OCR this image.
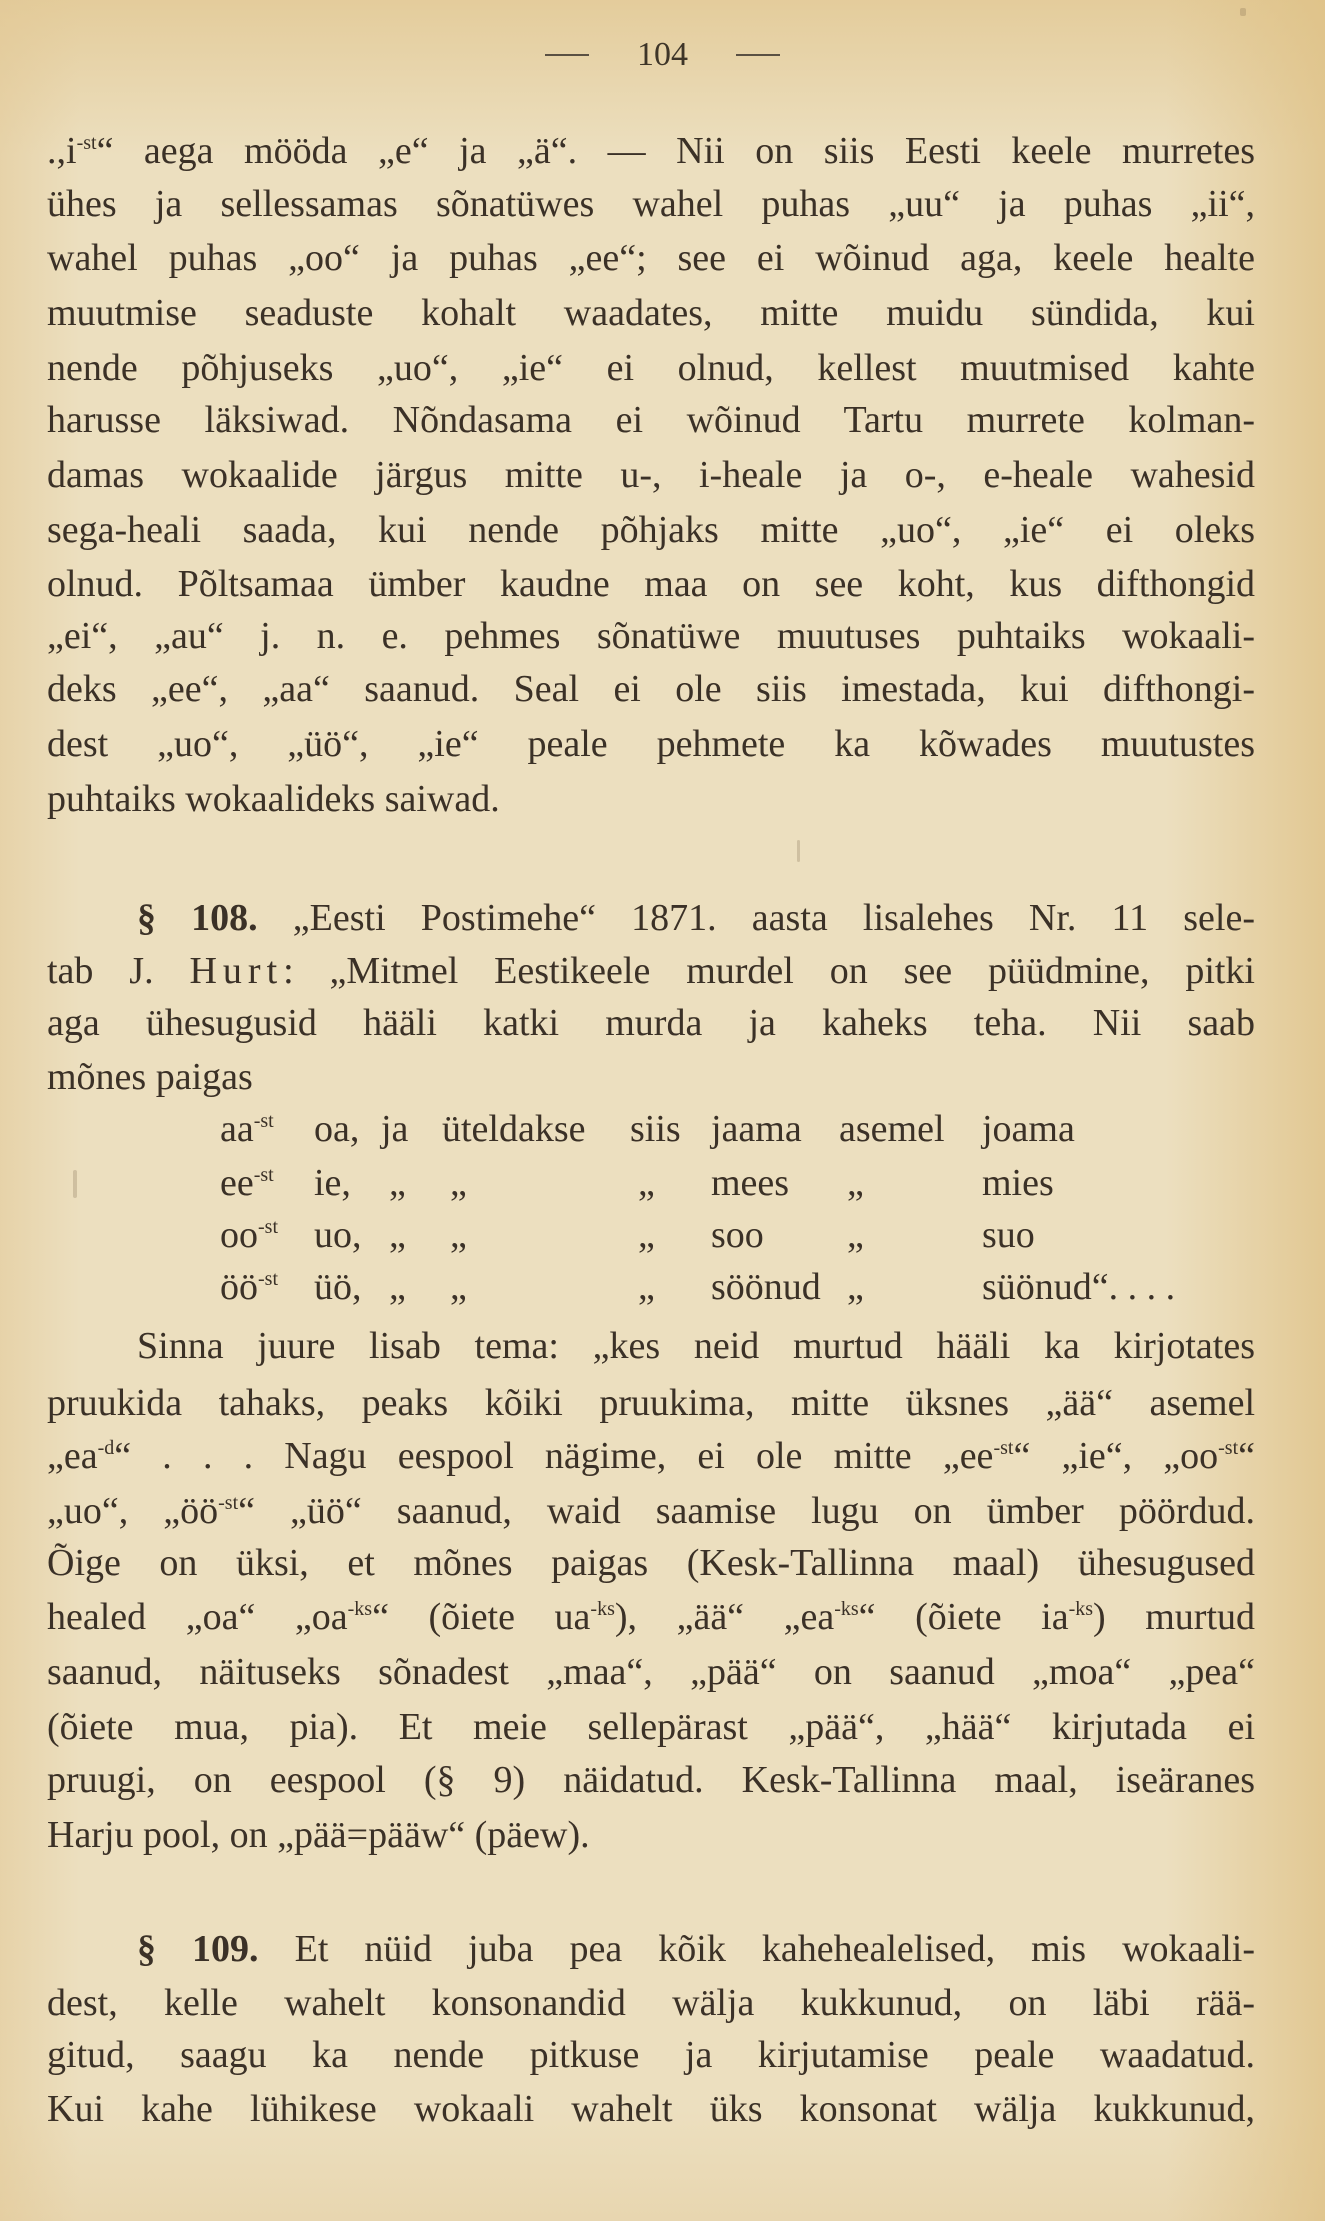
104
$.,i^{-st}“$ aega mööda „e“ ja „ä“. — Nii on siis Eesti keele murretes
ühes ja sellessamas sõnatüwes wahel puhas „uu“ ja puhas „ii“,
wahel puhas „oo“ ja puhas „ee“; see ei wõinud aga, keele healte
muutmise seaduste kohalt waadates, mitte muidu sündida, kui
nende põhjuseks „uo“, „ie“ ei olnud, kellest muutmised kahte
harusse läksiwad. Nõndasama ei wõinud Tartu murrete kolman-
damas wokaalide järgus mitte u-, i-heale ja o-, e-heale wahesid
sega-heali saada, kui nende põhjaks mitte „uo“, „ie“ ei oleks
olnud. Põltsamaa ümber kaudne maa on see koht, kus difthongid
„ei“, „au“ j. n. e. pehmes sõnatüwe muutuses puhtaiks wokaali-
deks „ee“, „aa“ saanud. Seal ei ole siis imestada, kui difthongi-
dest „uo“, „üö“, „ie“ peale pehmete ka kõwades muutustes
puhtaiks wokaalideks saiwad.
§ 108. „Eesti Postimehe“ 1871. aasta lisalehes Nr. 11 sele-
tab J. Hurt: „Mitmel Eestikeele murdel on see püüdmine, pitki
aga ühesugusid hääli katki murda ja kaheks teha. Nii saab
mõnes paigas
Sinna juure lisab tema: „kes neid murtud hääli ka kirjotates
pruukida tahaks, peaks kõiki pruukima, mitte üksnes „ää“ asemel
$„ea^{-d}“$ . . . Nagu eespool nägime, ei ole mitte $„ee^{-st}“$ „ie“, $„oo^{-st}“$
„uo“, $„öö^{-st}“$ „üö“ saanud, waid saamise lugu on ümber pöördud.
Õige on üksi, et mõnes paigas (Kesk-Tallinna maal) ühesugused
healed „oa“ $„oa^{-ks}“$ (õiete $ua^{-ks}$), „ää“ $„ea^{-ks}“$ (õiete $ia^{-ks}$) murtud
saanud, näituseks sõnadest „maa“, „pää“ on saanud „moa“ „pea“
(õiete mua, pia). Et meie sellepärast „pää“, „hää“ kirjutada ei
pruugi, on eespool (§ 9) näidatud. Kesk-Tallinna maal, iseäranes
Harju pool, on „pää=pääw“ (päew).
§ 109. Et nüid juba pea kõik kahehealelised, mis wokaali-
dest, kelle wahelt konsonandid wälja kukkunud, on läbi rää-
gitud, saagu ka nende pitkuse ja kirjutamise peale waadatud.
Kui kahe lühikese wokaali wahelt üks konsonat wälja kukkunud,
$aa^{-st}$ oa, ja üteldakse siis jaama asemel joama
$ee^{-st}$ ie, „ „	„ mees „	mies
$oo^{-st}$ uo, „ „	„ soo „	suo
$öö^{-st}$ üö, „ „	„ söönud „	süönud“. . . .
